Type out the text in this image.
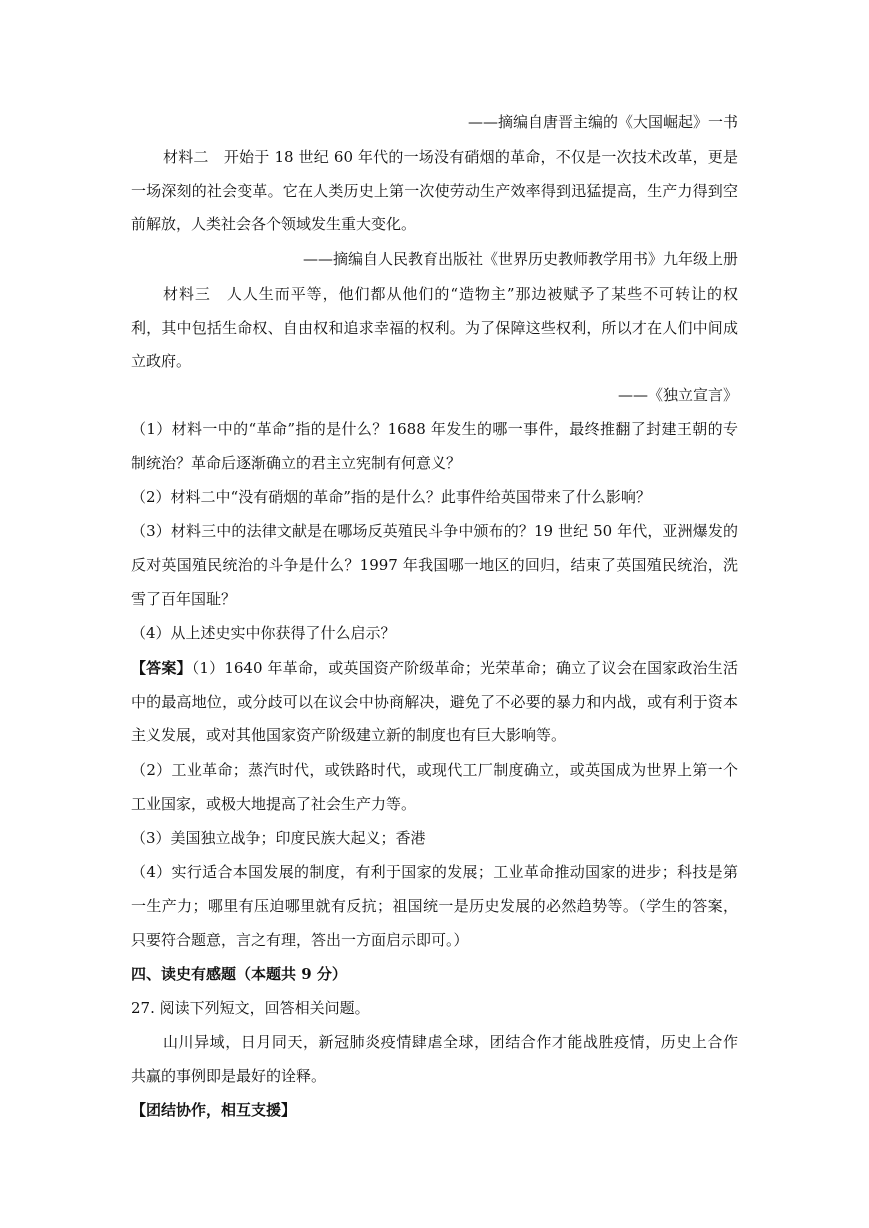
——摘编自唐晋主编的《大国崛起》一书
材料二　开始于 18 世纪 60 年代的一场没有硝烟的革命，不仅是一次技术改革，更是
一场深刻的社会变革。它在人类历史上第一次使劳动生产效率得到迅猛提高，生产力得到空
前解放，人类社会各个领域发生重大变化。
——摘编自人民教育出版社《世界历史教师教学用书》九年级上册
材料三　人人生而平等，他们都从他们的“造物主”那边被赋予了某些不可转让的权
利，其中包括生命权、自由权和追求幸福的权利。为了保障这些权利，所以才在人们中间成
立政府。
——《独立宣言》
（1）材料一中的“革命”指的是什么？1688 年发生的哪一事件，最终推翻了封建王朝的专
制统治？革命后逐渐确立的君主立宪制有何意义？
（2）材料二中“没有硝烟的革命”指的是什么？此事件给英国带来了什么影响？
（3）材料三中的法律文献是在哪场反英殖民斗争中颁布的？19 世纪 50 年代，亚洲爆发的
反对英国殖民统治的斗争是什么？1997 年我国哪一地区的回归，结束了英国殖民统治，洗
雪了百年国耻？
（4）从上述史实中你获得了什么启示？
【答案】（1）1640 年革命，或英国资产阶级革命；光荣革命；确立了议会在国家政治生活
中的最高地位，或分歧可以在议会中协商解决，避免了不必要的暴力和内战，或有利于资本
主义发展，或对其他国家资产阶级建立新的制度也有巨大影响等。
（2）工业革命；蒸汽时代，或铁路时代，或现代工厂制度确立，或英国成为世界上第一个
工业国家，或极大地提高了社会生产力等。
（3）美国独立战争；印度民族大起义；香港
（4）实行适合本国发展的制度，有利于国家的发展；工业革命推动国家的进步；科技是第
一生产力；哪里有压迫哪里就有反抗；祖国统一是历史发展的必然趋势等。（学生的答案，
只要符合题意，言之有理，答出一方面启示即可。）
四、读史有感题（本题共 9 分）
27. 阅读下列短文，回答相关问题。
山川异域，日月同天，新冠肺炎疫情肆虐全球，团结合作才能战胜疫情，历史上合作
共赢的事例即是最好的诠释。
【团结协作，相互支援】
